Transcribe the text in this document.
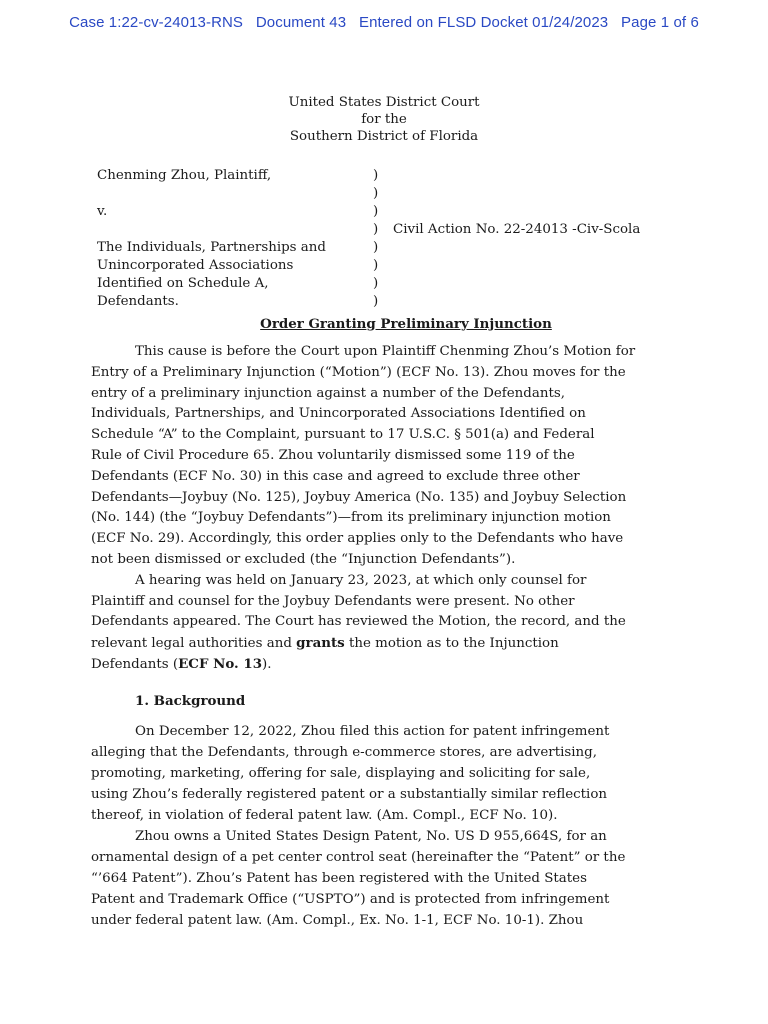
Case 1:22-cv-24013-RNS   Document 43   Entered on FLSD Docket 01/24/2023   Page 1 of 6
United States District Court
for the
Southern District of Florida
Chenming Zhou, Plaintiff,
v.
The Individuals, Partnerships and
Unincorporated Associations
Identified on Schedule A,
Defendants.
)
)
)
)
)
)
)
)
Civil Action No. 22-24013 -Civ-Scola
Order Granting Preliminary Injunction
This cause is before the Court upon Plaintiff Chenming Zhou’s Motion for
Entry of a Preliminary Injunction (“Motion”) (ECF No. 13). Zhou moves for the
entry of a preliminary injunction against a number of the Defendants,
Individuals, Partnerships, and Unincorporated Associations Identified on
Schedule “A” to the Complaint, pursuant to 17 U.S.C. § 501(a) and Federal
Rule of Civil Procedure 65. Zhou voluntarily dismissed some 119 of the
Defendants (ECF No. 30) in this case and agreed to exclude three other
Defendants—Joybuy (No. 125), Joybuy America (No. 135) and Joybuy Selection
(No. 144) (the “Joybuy Defendants”)—from its preliminary injunction motion
(ECF No. 29). Accordingly, this order applies only to the Defendants who have
not been dismissed or excluded (the “Injunction Defendants”).
A hearing was held on January 23, 2023, at which only counsel for
Plaintiff and counsel for the Joybuy Defendants were present. No other
Defendants appeared. The Court has reviewed the Motion, the record, and the
relevant legal authorities and grants the motion as to the Injunction
Defendants (ECF No. 13).
1. Background
On December 12, 2022, Zhou filed this action for patent infringement
alleging that the Defendants, through e-commerce stores, are advertising,
promoting, marketing, offering for sale, displaying and soliciting for sale,
using Zhou’s federally registered patent or a substantially similar reflection
thereof, in violation of federal patent law. (Am. Compl., ECF No. 10).
Zhou owns a United States Design Patent, No. US D 955,664S, for an
ornamental design of a pet center control seat (hereinafter the “Patent” or the
“’664 Patent”). Zhou’s Patent has been registered with the United States
Patent and Trademark Office (“USPTO”) and is protected from infringement
under federal patent law. (Am. Compl., Ex. No. 1-1, ECF No. 10-1). Zhou
